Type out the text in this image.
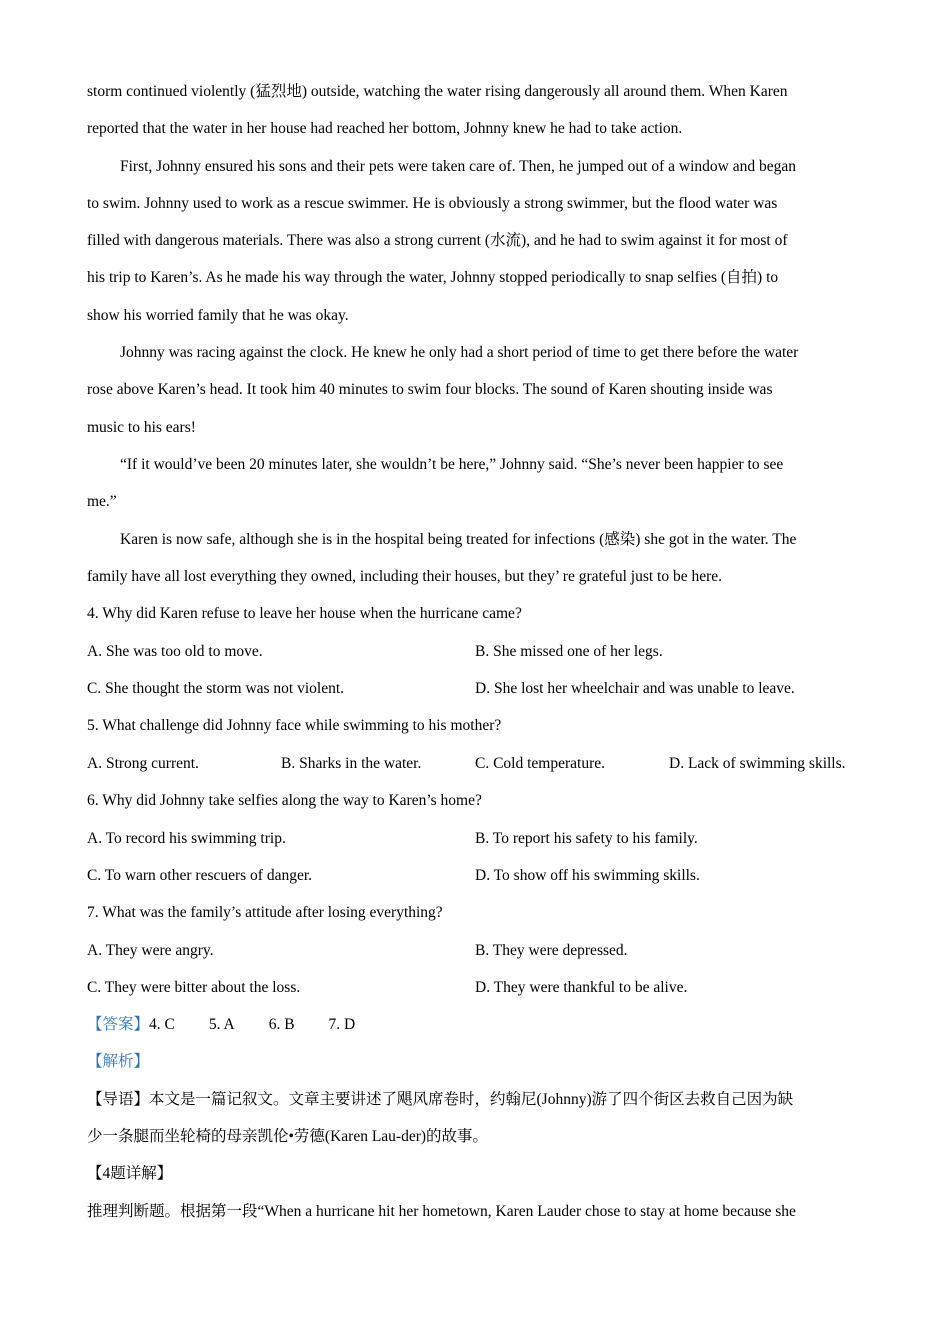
storm continued violently (猛烈地) outside, watching the water rising dangerously all around them. When Karen
reported that the water in her house had reached her bottom, Johnny knew he had to take action.
First, Johnny ensured his sons and their pets were taken care of. Then, he jumped out of a window and began
to swim. Johnny used to work as a rescue swimmer. He is obviously a strong swimmer, but the flood water was
filled with dangerous materials. There was also a strong current (水流), and he had to swim against it for most of
his trip to Karen’s. As he made his way through the water, Johnny stopped periodically to snap selfies (自拍) to
show his worried family that he was okay.
Johnny was racing against the clock. He knew he only had a short period of time to get there before the water
rose above Karen’s head. It took him 40 minutes to swim four blocks. The sound of Karen shouting inside was
music to his ears!
“If it would’ve been 20 minutes later, she wouldn’t be here,” Johnny said. “She’s never been happier to see
me.”
Karen is now safe, although she is in the hospital being treated for infections (感染) she got in the water. The
family have all lost everything they owned, including their houses, but they’ re grateful just to be here.
4. Why did Karen refuse to leave her house when the hurricane came?
A. She was too old to move.	B. She missed one of her legs.
C. She thought the storm was not violent.	D. She lost her wheelchair and was unable to leave.
5. What challenge did Johnny face while swimming to his mother?
A. Strong current.	B. Sharks in the water.	C. Cold temperature.	D. Lack of swimming skills.
6. Why did Johnny take selfies along the way to Karen’s home?
A. To record his swimming trip.	B. To report his safety to his family.
C. To warn other rescuers of danger.	D. To show off his swimming skills.
7. What was the family’s attitude after losing everything?
A. They were angry.	B. They were depressed.
C. They were bitter about the loss.	D. They were thankful to be alive.
【答案】4. C 5. A 6. B 7. D
【解析】
【导语】本文是一篇记叙文。文章主要讲述了飓风席卷时，约翰尼(Johnny)游了四个街区去救自己因为缺
少一条腿而坐轮椅的母亲凯伦•劳德(Karen Lau-der)的故事。
【4题详解】
推理判断题。根据第一段“When a hurricane hit her hometown, Karen Lauder chose to stay at home because she
